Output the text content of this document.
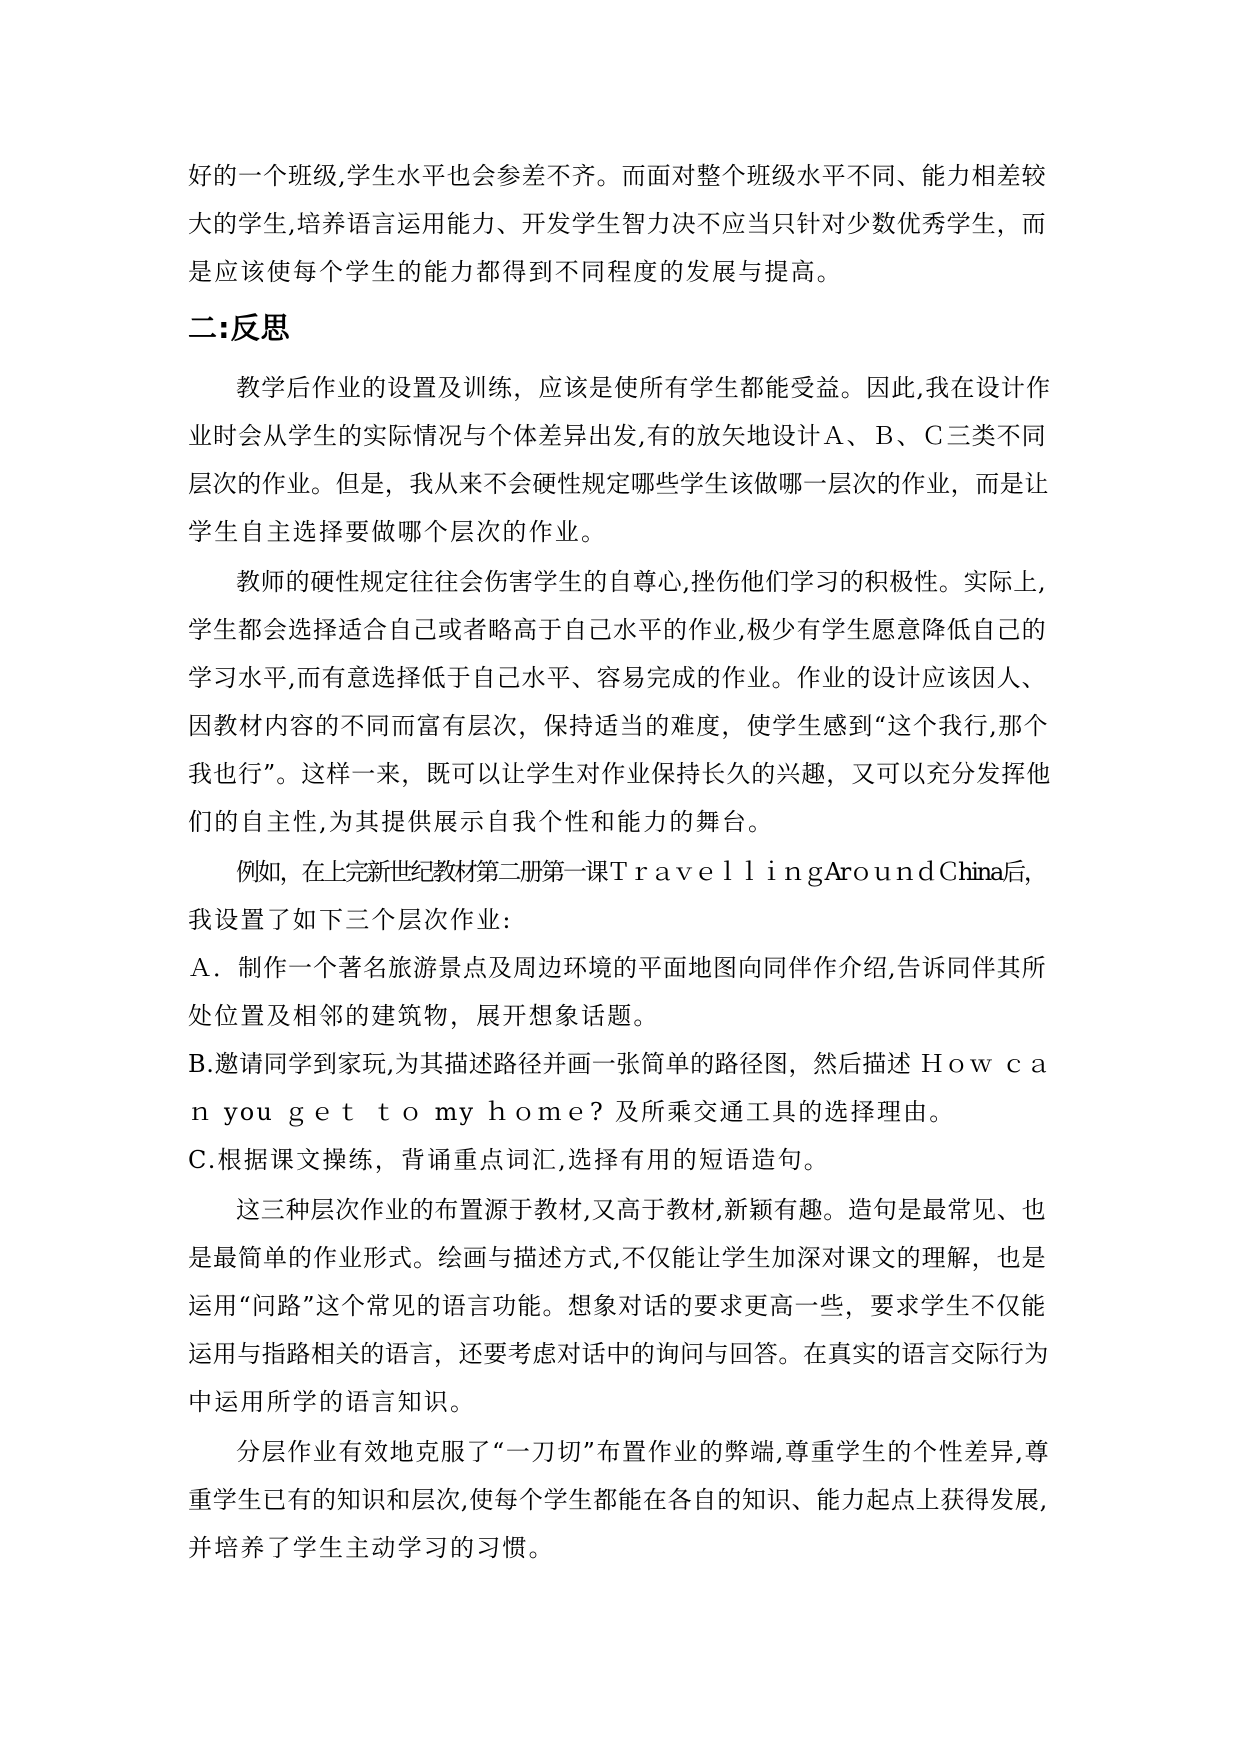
好的一个班级,学生水平也会参差不齐。而面对整个班级水平不同、能力相差较
大的学生,培养语言运用能力、开发学生智力决不应当只针对少数优秀学生，而
是应该使每个学生的能力都得到不同程度的发展与提高。
二:反思
教学后作业的设置及训练，应该是使所有学生都能受益。因此,我在设计作
业时会从学生的实际情况与个体差异出发,有的放矢地设计Ａ、Ｂ、Ｃ三类不同
层次的作业。但是，我从来不会硬性规定哪些学生该做哪一层次的作业，而是让
学生自主选择要做哪个层次的作业。
教师的硬性规定往往会伤害学生的自尊心,挫伤他们学习的积极性。实际上,
学生都会选择适合自己或者略高于自己水平的作业,极少有学生愿意降低自己的
学习水平,而有意选择低于自己水平、容易完成的作业。作业的设计应该因人、
因教材内容的不同而富有层次，保持适当的难度，使学生感到“这个我行,那个
我也行”。这样一来，既可以让学生对作业保持长久的兴趣，又可以充分发挥他
们的自主性,为其提供展示自我个性和能力的舞台。
例如，在上完新世纪教材第二册第一课ＴｒａｖｅｌｌｉｎｇArｏｕｎｄＣhina后，
我设置了如下三个层次作业:
Ａ．制作一个著名旅游景点及周边环境的平面地图向同伴作介绍,告诉同伴其所
处位置及相邻的建筑物，展开想象话题。
B.邀请同学到家玩,为其描述路径并画一张简单的路径图，然后描述 Ｈｏｗ ｃａ
ｎ you ｇｅｔ ｔｏ my ｈｏｍｅ? 及所乘交通工具的选择理由。
C.根据课文操练，背诵重点词汇,选择有用的短语造句。
这三种层次作业的布置源于教材,又高于教材,新颖有趣。造句是最常见、也
是最简单的作业形式。绘画与描述方式,不仅能让学生加深对课文的理解，也是
运用“问路”这个常见的语言功能。想象对话的要求更高一些，要求学生不仅能
运用与指路相关的语言，还要考虑对话中的询问与回答。在真实的语言交际行为
中运用所学的语言知识。
分层作业有效地克服了“一刀切”布置作业的弊端,尊重学生的个性差异,尊
重学生已有的知识和层次,使每个学生都能在各自的知识、能力起点上获得发展,
并培养了学生主动学习的习惯。
